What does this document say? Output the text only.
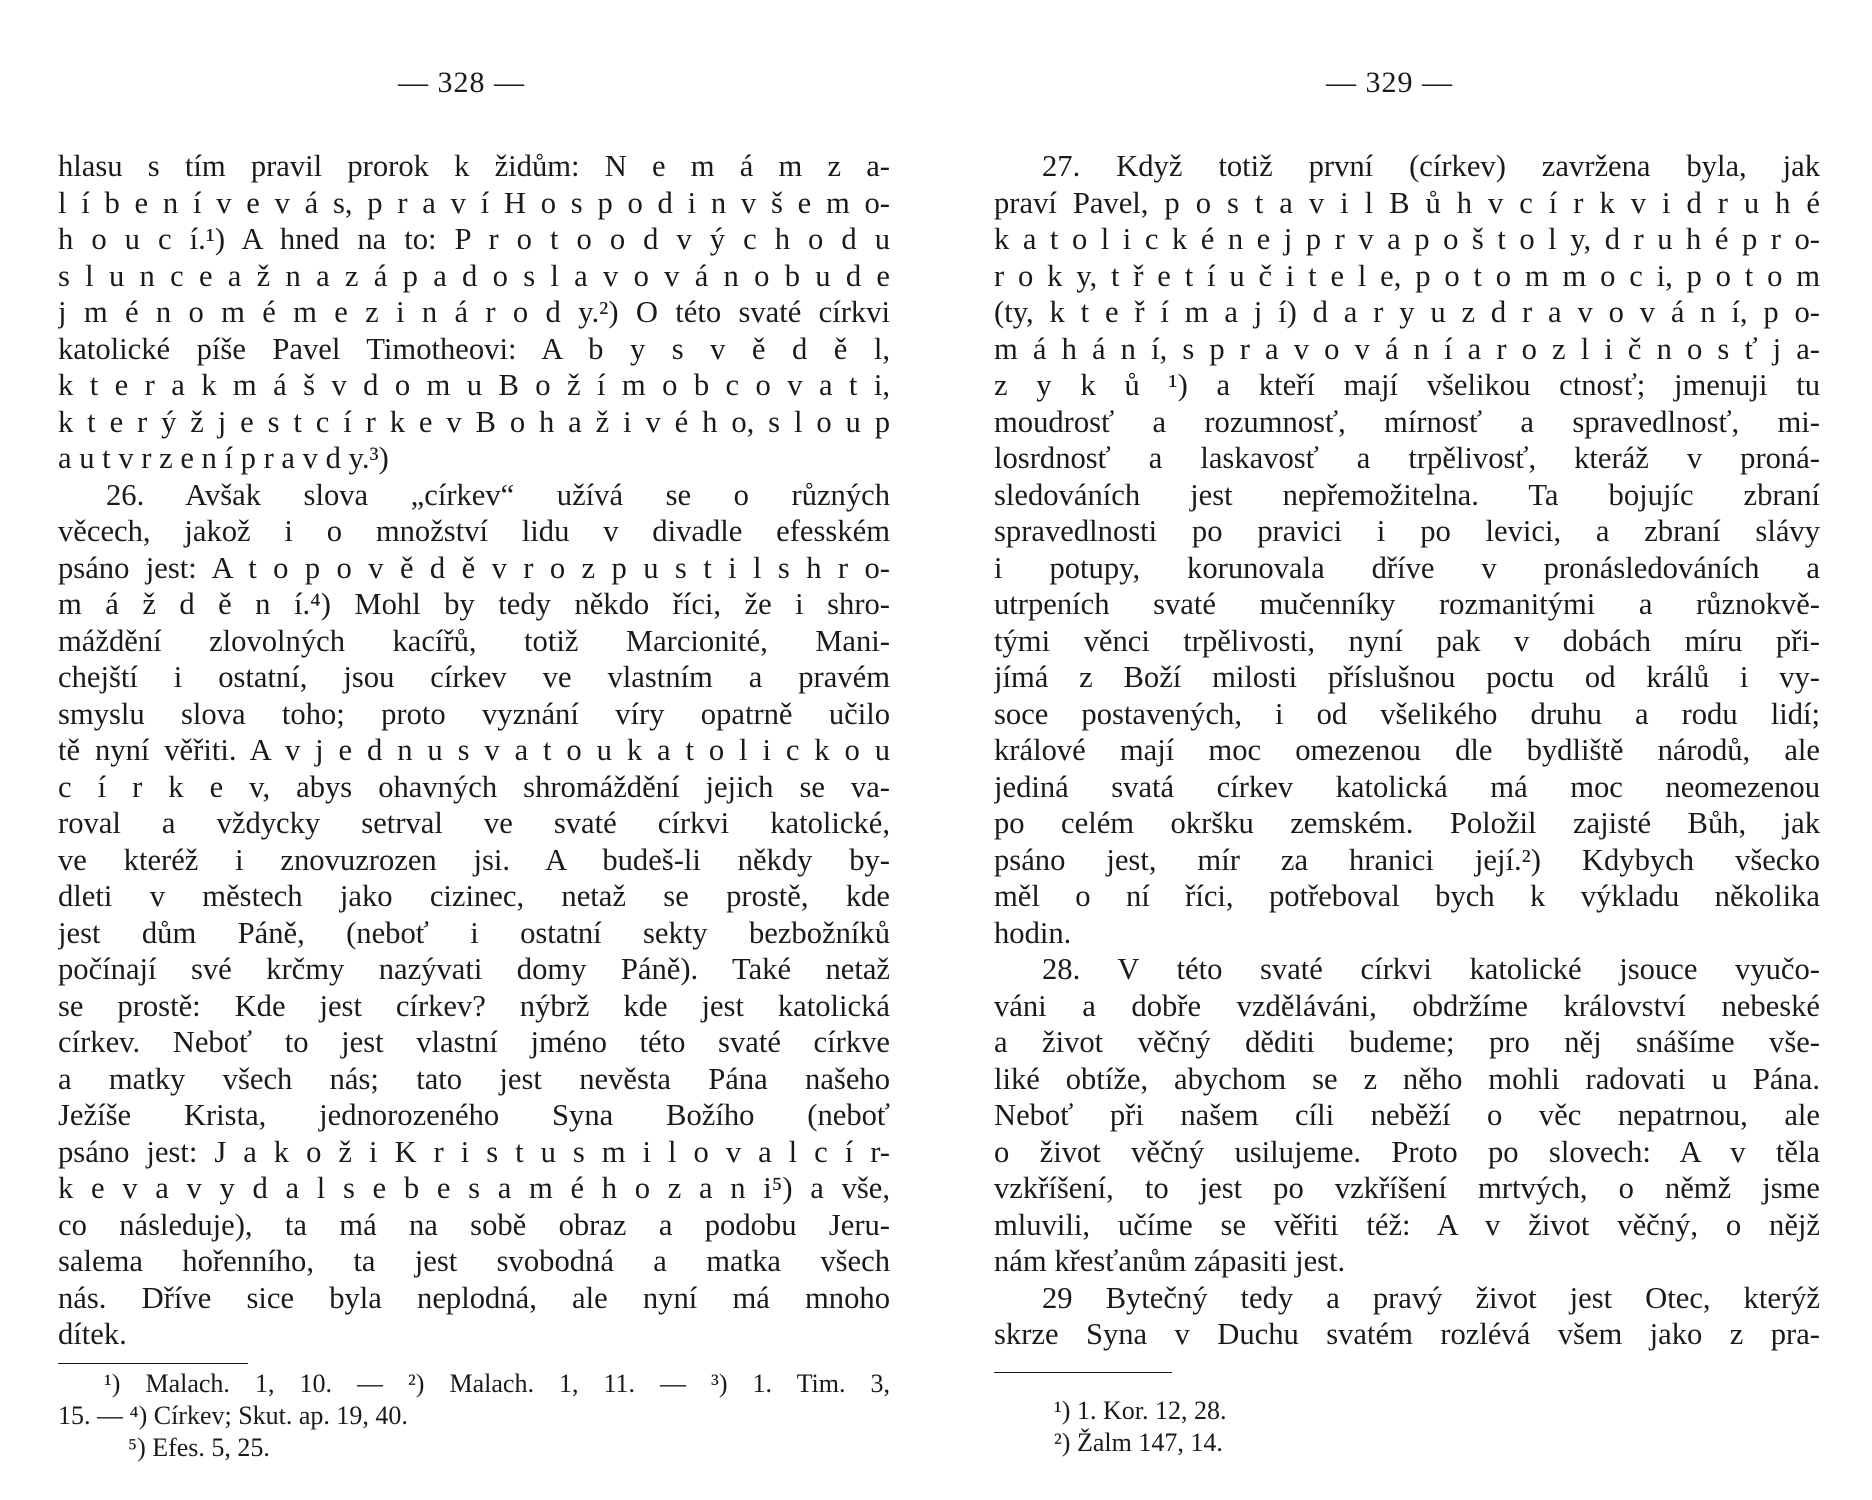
— 328 —
hlasu s tím pravil prorok k židům: N e m á m z a-
l í b e n í v e v á s, p r a v í H o s p o d i n v š e m o-
h o u c í.¹) A hned na to: P r o t o o d v ý c h o d u
s l u n c e a ž n a z á p a d o s l a v o v á n o b u d e
j m é n o m é m e z i n á r o d y.²) O této svaté církvi
katolické píše Pavel Timotheovi: A b y s v ě d ě l,
k t e r a k m á š v d o m u B o ž í m o b c o v a t i,
k t e r ý ž j e s t c í r k e v B o h a ž i v é h o, s l o u p
a u t v r z e n í p r a v d y.³)
26. Avšak slova „církev“ užívá se o různých
věcech, jakož i o množství lidu v divadle efesském
psáno jest: A t o p o v ě d ě v r o z p u s t i l s h r o-
m á ž d ě n í.⁴) Mohl by tedy někdo říci, že i shro-
máždění zlovolných kacířů, totiž Marcionité, Mani-
chejští i ostatní, jsou církev ve vlastním a pravém
smyslu slova toho; proto vyznání víry opatrně učilo
tě nyní věřiti. A v j e d n u s v a t o u k a t o l i c k o u
c í r k e v, abys ohavných shromáždění jejich se va-
roval a vždycky setrval ve svaté církvi katolické,
ve kteréž i znovuzrozen jsi. A budeš-li někdy by-
dleti v městech jako cizinec, netaž se prostě, kde
jest dům Páně, (neboť i ostatní sekty bezbožníků
počínají své krčmy nazývati domy Páně). Také netaž
se prostě: Kde jest církev? nýbrž kde jest katolická
církev. Neboť to jest vlastní jméno této svaté církve
a matky všech nás; tato jest nevěsta Pána našeho
Ježíše Krista, jednorozeného Syna Božího (neboť
psáno jest: J a k o ž i K r i s t u s m i l o v a l c í r-
k e v a v y d a l s e b e s a m é h o z a n i⁵) a vše,
co následuje), ta má na sobě obraz a podobu Jeru-
salema hořenního, ta jest svobodná a matka všech
nás. Dříve sice byla neplodná, ale nyní má mnoho
dítek.
¹) Malach. 1, 10. — ²) Malach. 1, 11. — ³) 1. Tim. 3,
15. — ⁴) Církev; Skut. ap. 19, 40.
⁵) Efes. 5, 25.
— 329 —
27. Když totiž první (církev) zavržena byla, jak
praví Pavel, p o s t a v i l B ů h v c í r k v i d r u h é
k a t o l i c k é n e j p r v a p o š t o l y, d r u h é p r o-
r o k y, t ř e t í u č i t e l e, p o t o m m o c i, p o t o m
(ty, k t e ř í m a j í) d a r y u z d r a v o v á n í, p o-
m á h á n í, s p r a v o v á n í a r o z l i č n o s ť j a-
z y k ů ¹) a kteří mají všelikou ctnosť; jmenuji tu
moudrosť a rozumnosť, mírnosť a spravedlnosť, mi-
losrdnosť a laskavosť a trpělivosť, kteráž v proná-
sledováních jest nepřemožitelna. Ta bojujíc zbraní
spravedlnosti po pravici i po levici, a zbraní slávy
i potupy, korunovala dříve v pronásledováních a
utrpeních svaté mučenníky rozmanitými a různokvě-
tými věnci trpělivosti, nyní pak v dobách míru při-
jímá z Boží milosti příslušnou poctu od králů i vy-
soce postavených, i od všelikého druhu a rodu lidí;
králové mají moc omezenou dle bydliště národů, ale
jediná svatá církev katolická má moc neomezenou
po celém okršku zemském. Položil zajisté Bůh, jak
psáno jest, mír za hranici její.²) Kdybych všecko
měl o ní říci, potřeboval bych k výkladu několika
hodin.
28. V této svaté církvi katolické jsouce vyučo-
váni a dobře vzděláváni, obdržíme království nebeské
a život věčný děditi budeme; pro něj snášíme vše-
liké obtíže, abychom se z něho mohli radovati u Pána.
Neboť při našem cíli neběží o věc nepatrnou, ale
o život věčný usilujeme. Proto po slovech: A v těla
vzkříšení, to jest po vzkříšení mrtvých, o němž jsme
mluvili, učíme se věřiti též: A v život věčný, o nějž
nám křesťanům zápasiti jest.
29 Bytečný tedy a pravý život jest Otec, kterýž
skrze Syna v Duchu svatém rozlévá všem jako z pra-
¹) 1. Kor. 12, 28.
²) Žalm 147, 14.
